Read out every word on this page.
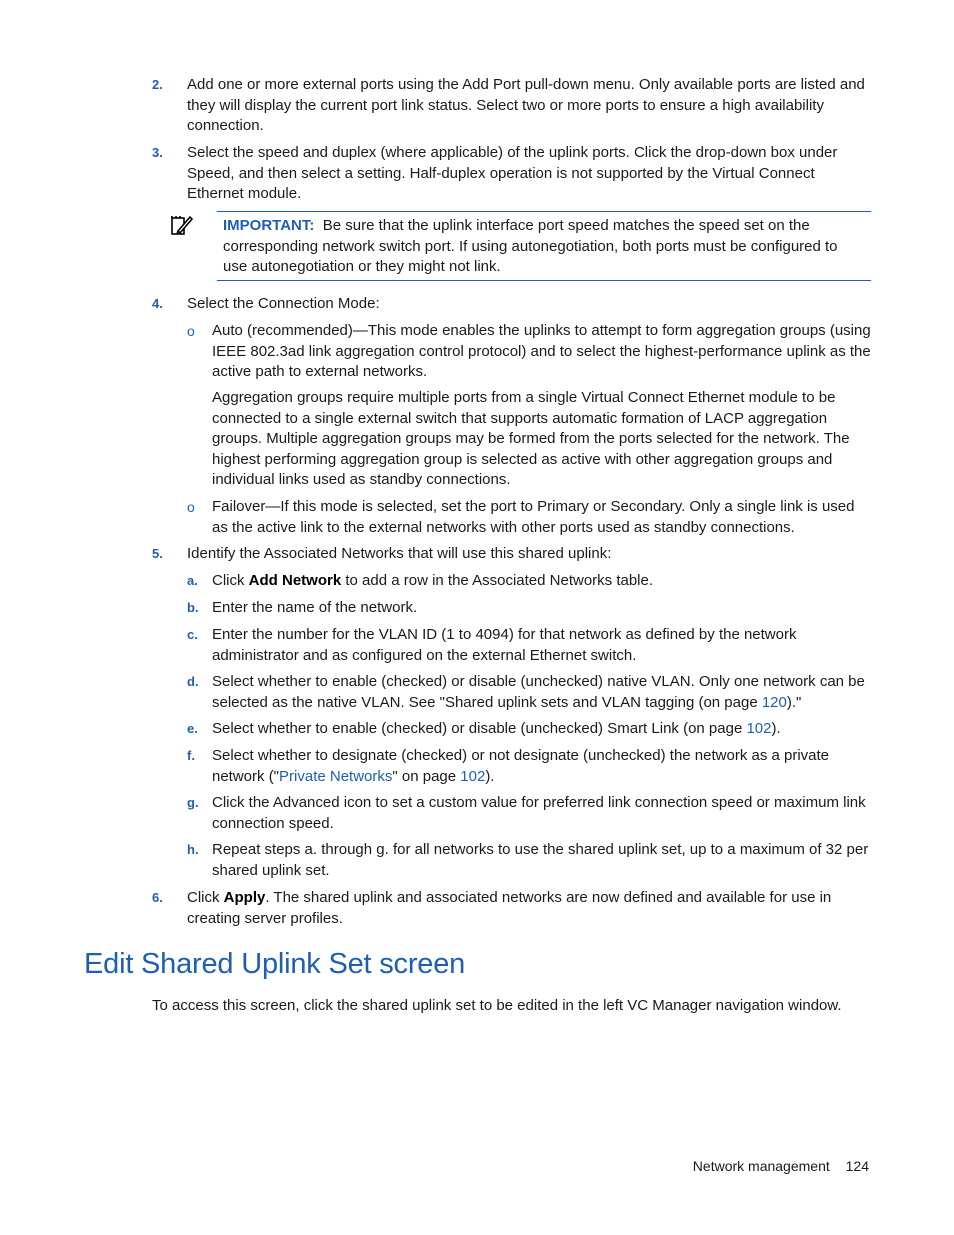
2. Add one or more external ports using the Add Port pull-down menu. Only available ports are listed and they will display the current port link status. Select two or more ports to ensure a high availability connection.
3. Select the speed and duplex (where applicable) of the uplink ports. Click the drop-down box under Speed, and then select a setting. Half-duplex operation is not supported by the Virtual Connect Ethernet module.
IMPORTANT: Be sure that the uplink interface port speed matches the speed set on the corresponding network switch port. If using autonegotiation, both ports must be configured to use autonegotiation or they might not link.
4. Select the Connection Mode:
o Auto (recommended)—This mode enables the uplinks to attempt to form aggregation groups (using IEEE 802.3ad link aggregation control protocol) and to select the highest-performance uplink as the active path to external networks.
Aggregation groups require multiple ports from a single Virtual Connect Ethernet module to be connected to a single external switch that supports automatic formation of LACP aggregation groups. Multiple aggregation groups may be formed from the ports selected for the network. The highest performing aggregation group is selected as active with other aggregation groups and individual links used as standby connections.
o Failover—If this mode is selected, set the port to Primary or Secondary. Only a single link is used as the active link to the external networks with other ports used as standby connections.
5. Identify the Associated Networks that will use this shared uplink:
a. Click Add Network to add a row in the Associated Networks table.
b. Enter the name of the network.
c. Enter the number for the VLAN ID (1 to 4094) for that network as defined by the network administrator and as configured on the external Ethernet switch.
d. Select whether to enable (checked) or disable (unchecked) native VLAN. Only one network can be selected as the native VLAN. See "Shared uplink sets and VLAN tagging (on page 120)."
e. Select whether to enable (checked) or disable (unchecked) Smart Link (on page 102).
f. Select whether to designate (checked) or not designate (unchecked) the network as a private network ("Private Networks" on page 102).
g. Click the Advanced icon to set a custom value for preferred link connection speed or maximum link connection speed.
h. Repeat steps a. through g. for all networks to use the shared uplink set, up to a maximum of 32 per shared uplink set.
6. Click Apply. The shared uplink and associated networks are now defined and available for use in creating server profiles.
Edit Shared Uplink Set screen
To access this screen, click the shared uplink set to be edited in the left VC Manager navigation window.
Network management 124
